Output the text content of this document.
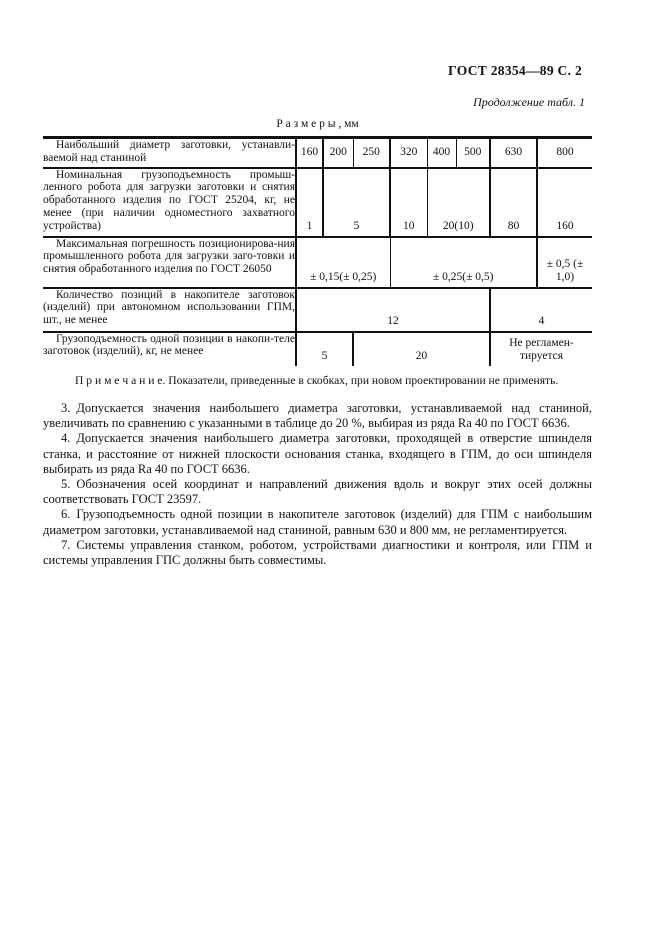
ГОСТ 28354—89 С. 2
Продолжение табл. 1
Р а з м е р ы , мм
Наибольший диаметр заготовки, устанавли-ваемой над станиной	160	200	250	320	400	500	630	800
Номинальная грузоподъемность промыш-ленного робота для загрузки заготовки и снятия обработанного изделия по ГОСТ 25204, кг, не менее (при наличии одноместного захватного устройства)	1	5		10	20(10)		80	160
Максимальная погрешность позиционирова-ния промышленного робота для загрузки заго-товки и снятия обработанного изделия по ГОСТ 26050	± 0,15(± 0,25)			± 0,25(± 0,5)				± 0,5 (± 1,0)
Количество позиций в накопителе заготовок (изделий) при автономном использовании ГПМ, шт., не менее	12						4	
Грузоподъемность одной позиции в накопи-теле заготовок (изделий), кг, не менее	5		20				Не регламен-тируется	
П р и м е ч а н и е. Показатели, приведенные в скобках, при новом проектировании не применять.

3. Допускается значения наибольшего диаметра заготовки, устанавливаемой над станиной, увеличивать по сравнению с указанными в таблице до 20 %, выбирая из ряда Ra 40 по ГОСТ 6636.

4. Допускается значения наибольшего диаметра заготовки, проходящей в отверстие шпинделя станка, и расстояние от нижней плоскости основания станка, входящего в ГПМ, до оси шпинделя выбирать из ряда Ra 40 по ГОСТ 6636.

5. Обозначения осей координат и направлений движения вдоль и вокруг этих осей должны соответствовать ГОСТ 23597.

6. Грузоподъемность одной позиции в накопителе заготовок (изделий) для ГПМ с наибольшим диаметром заготовки, устанавливаемой над станиной, равным 630 и 800 мм, не регламентируется.

7. Системы управления станком, роботом, устройствами диагностики и контроля, или ГПМ и системы управления ГПС должны быть совместимы.
